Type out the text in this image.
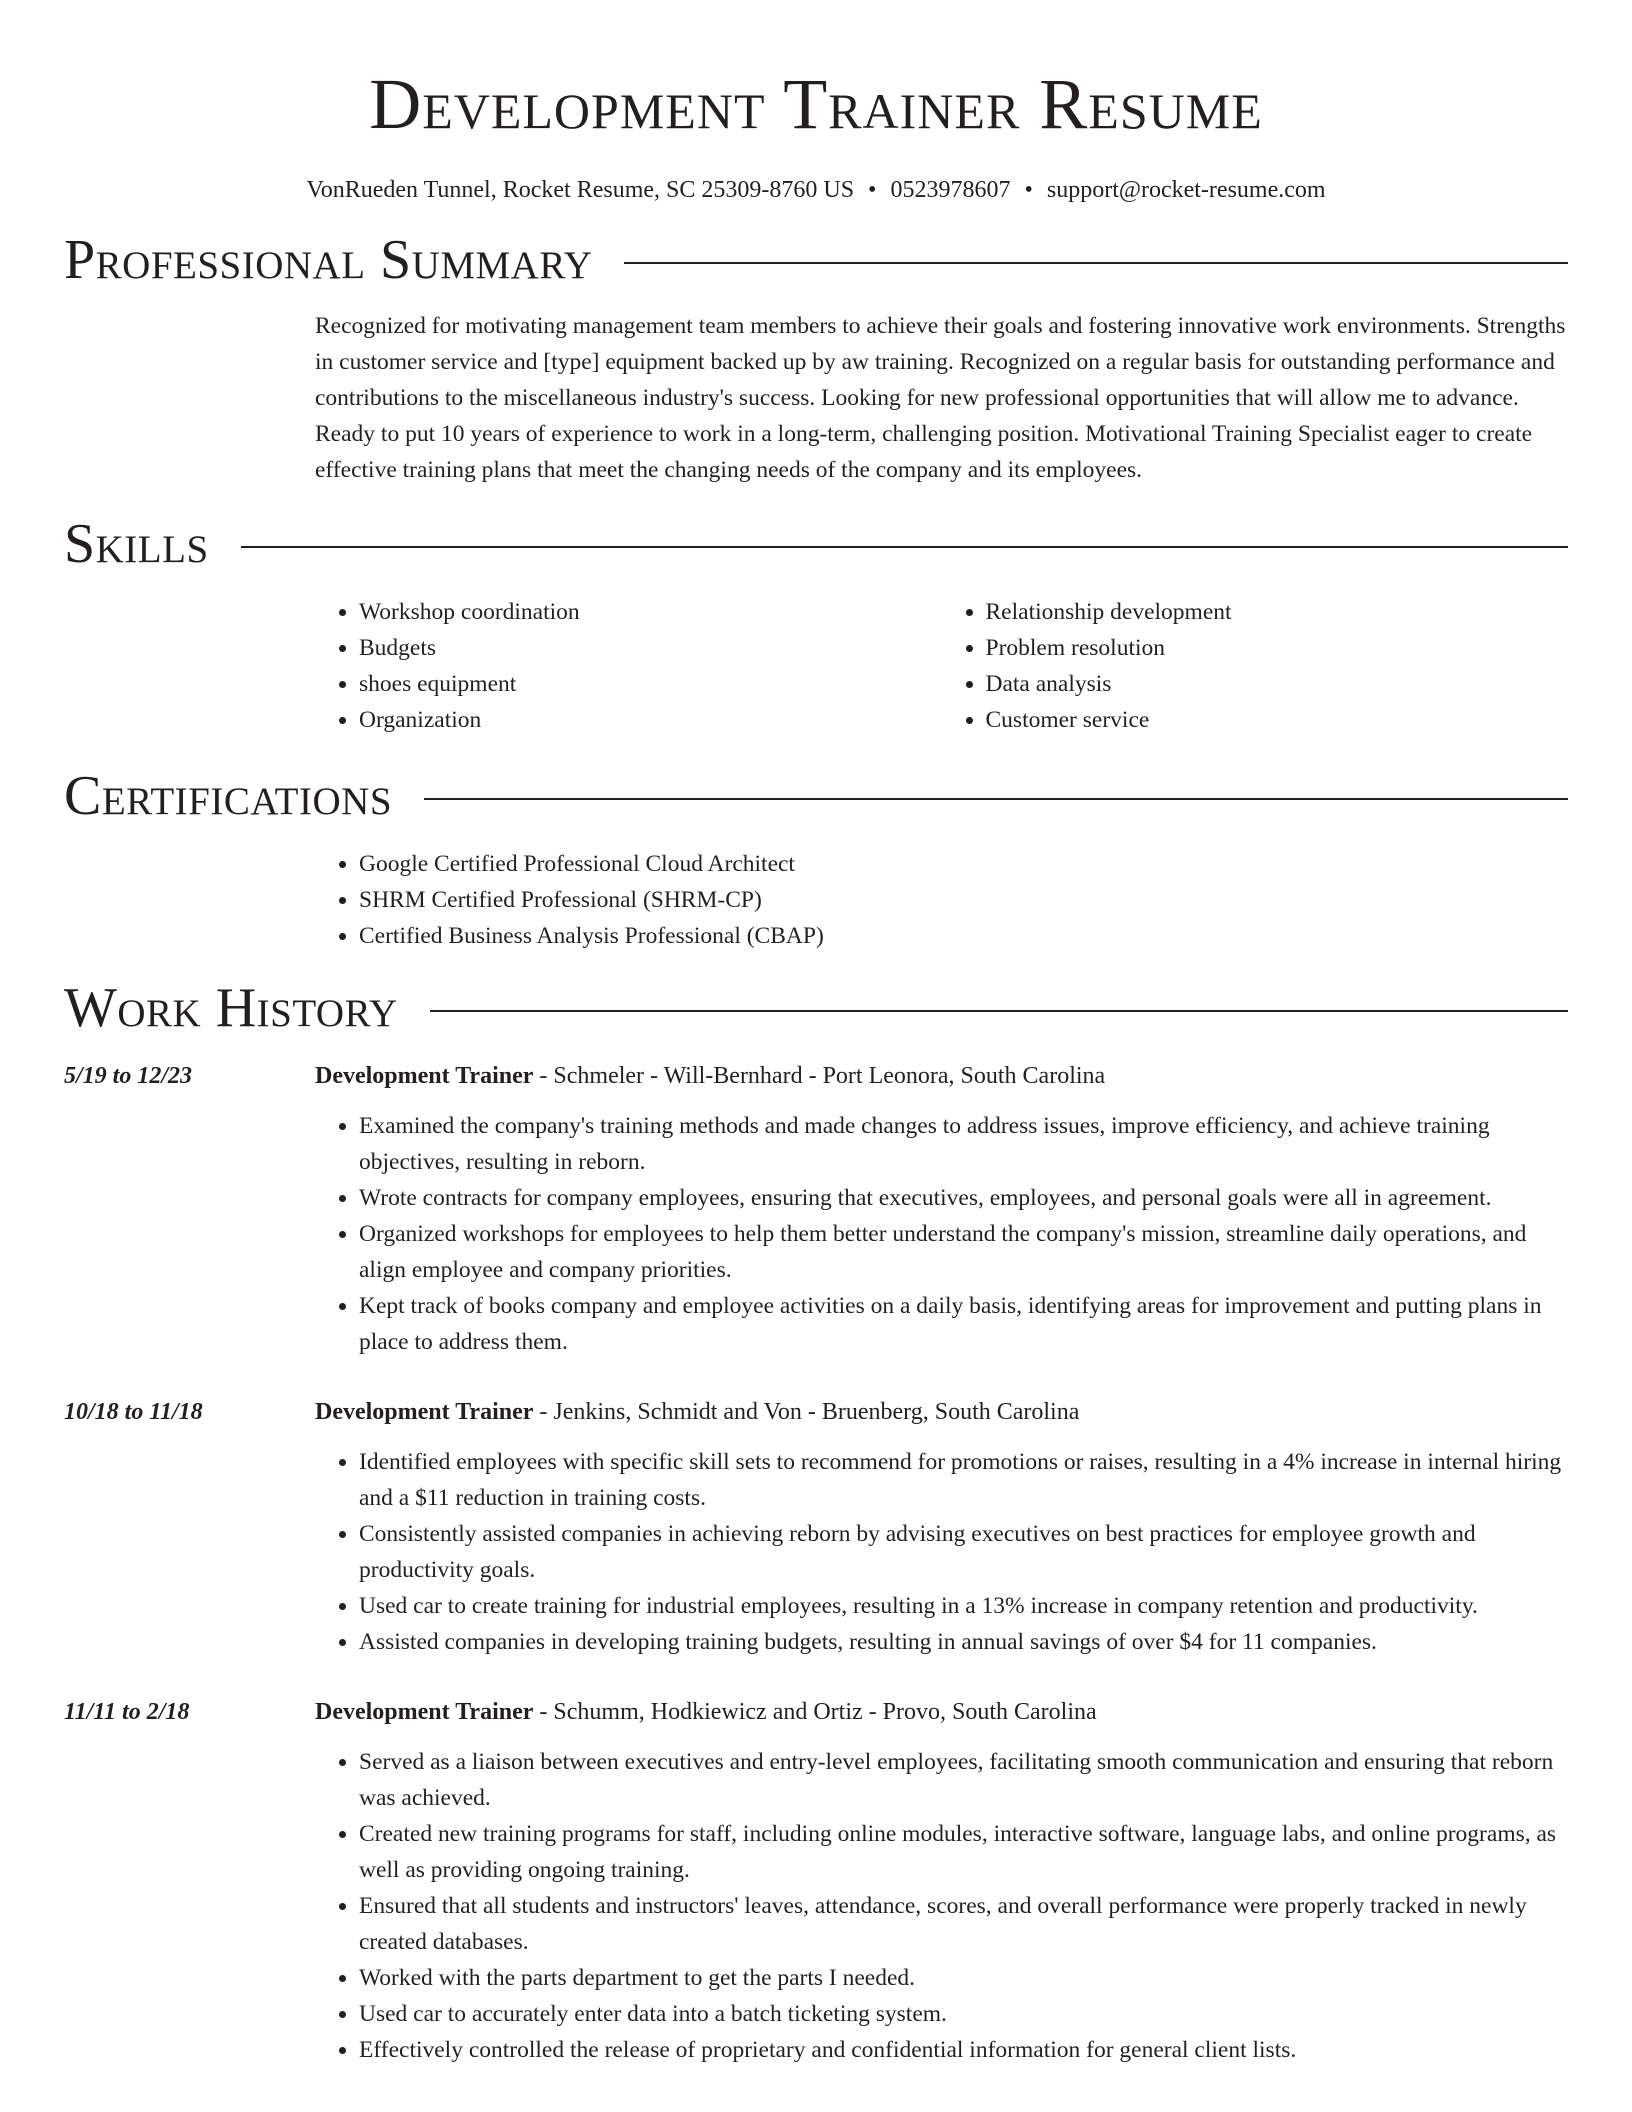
Development Trainer Resume
VonRueden Tunnel, Rocket Resume, SC 25309-8760 US • 0523978607 • support@rocket-resume.com
Professional Summary
Recognized for motivating management team members to achieve their goals and fostering innovative work environments. Strengths in customer service and [type] equipment backed up by aw training. Recognized on a regular basis for outstanding performance and contributions to the miscellaneous industry's success. Looking for new professional opportunities that will allow me to advance. Ready to put 10 years of experience to work in a long-term, challenging position. Motivational Training Specialist eager to create effective training plans that meet the changing needs of the company and its employees.
Skills
• Workshop coordination
• Budgets
• shoes equipment
• Organization
• Relationship development
• Problem resolution
• Data analysis
• Customer service
Certifications
• Google Certified Professional Cloud Architect
• SHRM Certified Professional (SHRM-CP)
• Certified Business Analysis Professional (CBAP)
Work History
5/19 to 12/23	Development Trainer - Schmeler - Will-Bernhard - Port Leonora, South Carolina
• Examined the company's training methods and made changes to address issues, improve efficiency, and achieve training objectives, resulting in reborn.
• Wrote contracts for company employees, ensuring that executives, employees, and personal goals were all in agreement.
• Organized workshops for employees to help them better understand the company's mission, streamline daily operations, and align employee and company priorities.
• Kept track of books company and employee activities on a daily basis, identifying areas for improvement and putting plans in place to address them.
10/18 to 11/18	Development Trainer - Jenkins, Schmidt and Von - Bruenberg, South Carolina
• Identified employees with specific skill sets to recommend for promotions or raises, resulting in a 4% increase in internal hiring and a $11 reduction in training costs.
• Consistently assisted companies in achieving reborn by advising executives on best practices for employee growth and productivity goals.
• Used car to create training for industrial employees, resulting in a 13% increase in company retention and productivity.
• Assisted companies in developing training budgets, resulting in annual savings of over $4 for 11 companies.
11/11 to 2/18	Development Trainer - Schumm, Hodkiewicz and Ortiz - Provo, South Carolina
• Served as a liaison between executives and entry-level employees, facilitating smooth communication and ensuring that reborn was achieved.
• Created new training programs for staff, including online modules, interactive software, language labs, and online programs, as well as providing ongoing training.
• Ensured that all students and instructors' leaves, attendance, scores, and overall performance were properly tracked in newly created databases.
• Worked with the parts department to get the parts I needed.
• Used car to accurately enter data into a batch ticketing system.
• Effectively controlled the release of proprietary and confidential information for general client lists.
